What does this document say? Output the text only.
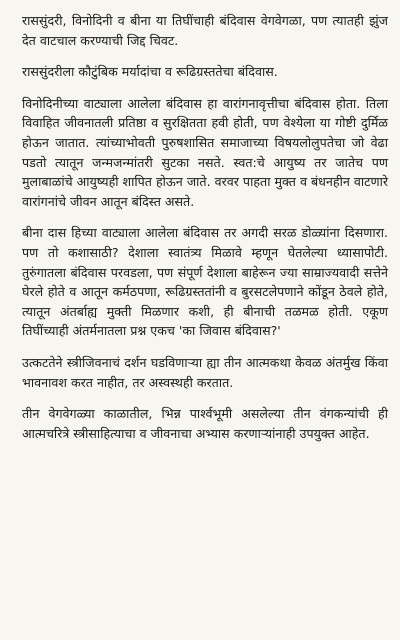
राससुंदरी, विनोदिनी व बीना या तिघींचाही बंदिवास वेगवेगळा, पण त्यातही झुंज देत वाटचाल करण्याची जिद्द चिवट.

राससुंदरीला कौटुंबिक मर्यादांचा व रूढिग्रस्ततेचा बंदिवास.

विनोदिनीच्या वाट्याला आलेला बंदिवास हा वारांगनावृत्तीचा बंदिवास होता. तिला विवाहित जीवनातली प्रतिष्ठा व सुरक्षितता हवी होती, पण वेश्येला या गोष्टी दुर्मिळ होऊन जातात. त्यांच्याभोवती पुरुषशासित समाजाच्या विषयलोलुपतेचा जो वेढा पडतो त्यातून जन्मजन्मांतरी सुटका नसते. स्वत:चे आयुष्य तर जातेच पण मुलाबाळांचे आयुष्यही शापित होऊन जाते. वरवर पाहता मुक्त व बंधनहीन वाटणारे वारांगनांचे जीवन आतून बंदिस्त असते.

बीना दास हिच्या वाट्याला आलेला बंदिवास तर अगदी सरळ डोळ्यांना दिसणारा. पण तो कशासाठी? देशाला स्वातंत्र्य मिळावे म्हणून घेतलेल्या ध्यासापोटी. तुरुंगातला बंदिवास परवडला, पण संपूर्ण देशाला बाहेरून ज्या साम्राज्यवादी सत्तेने घेरले होते व आतून कर्मठपणा, रूढिग्रस्ततांनी व बुरसटलेपणाने कोंडून ठेवले होते, त्यातून अंतर्बाह्य मुक्ती मिळणार कशी, ही बीनाची तळमळ होती. एकूण तिघींच्याही अंतर्मनातला प्रश्न एकच 'का जिवास बंदिवास?'

उत्कटतेने स्त्रीजिवनाचं दर्शन घडविणाऱ्या ह्या तीन आत्मकथा केवळ अंतर्मुख किंवा भावनावश करत नाहीत, तर अस्वस्थही करतात.

तीन वेगवेगळ्या काळातील, भिन्न पार्श्वभूमी असलेल्या तीन वंगकन्यांची ही आत्मचरित्रे स्त्रीसाहित्याचा व जीवनाचा अभ्यास करणाऱ्यांनाही उपयुक्त आहेत.
